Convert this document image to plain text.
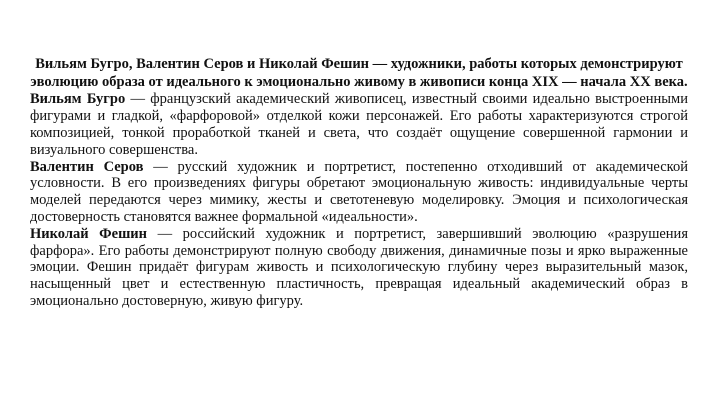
Вильям Бугро, Валентин Серов и Николай Фешин — художники, работы которых демонстрируют эволюцию образа от идеального к эмоционально живому в живописи конца XIX — начала XX века.

Вильям Бугро — французский академический живописец, известный своими идеально выстроенными фигурами и гладкой, «фарфоровой» отделкой кожи персонажей. Его работы характеризуются строгой композицией, тонкой проработкой тканей и света, что создаёт ощущение совершенной гармонии и визуального совершенства.

Валентин Серов — русский художник и портретист, постепенно отходивший от академической условности. В его произведениях фигуры обретают эмоциональную живость: индивидуальные черты моделей передаются через мимику, жесты и светотеневую моделировку. Эмоция и психологическая достоверность становятся важнее формальной «идеальности».

Николай Фешин — российский художник и портретист, завершивший эволюцию «разрушения фарфора». Его работы демонстрируют полную свободу движения, динамичные позы и ярко выраженные эмоции. Фешин придаёт фигурам живость и психологическую глубину через выразительный мазок, насыщенный цвет и естественную пластичность, превращая идеальный академический образ в эмоционально достоверную, живую фигуру.
